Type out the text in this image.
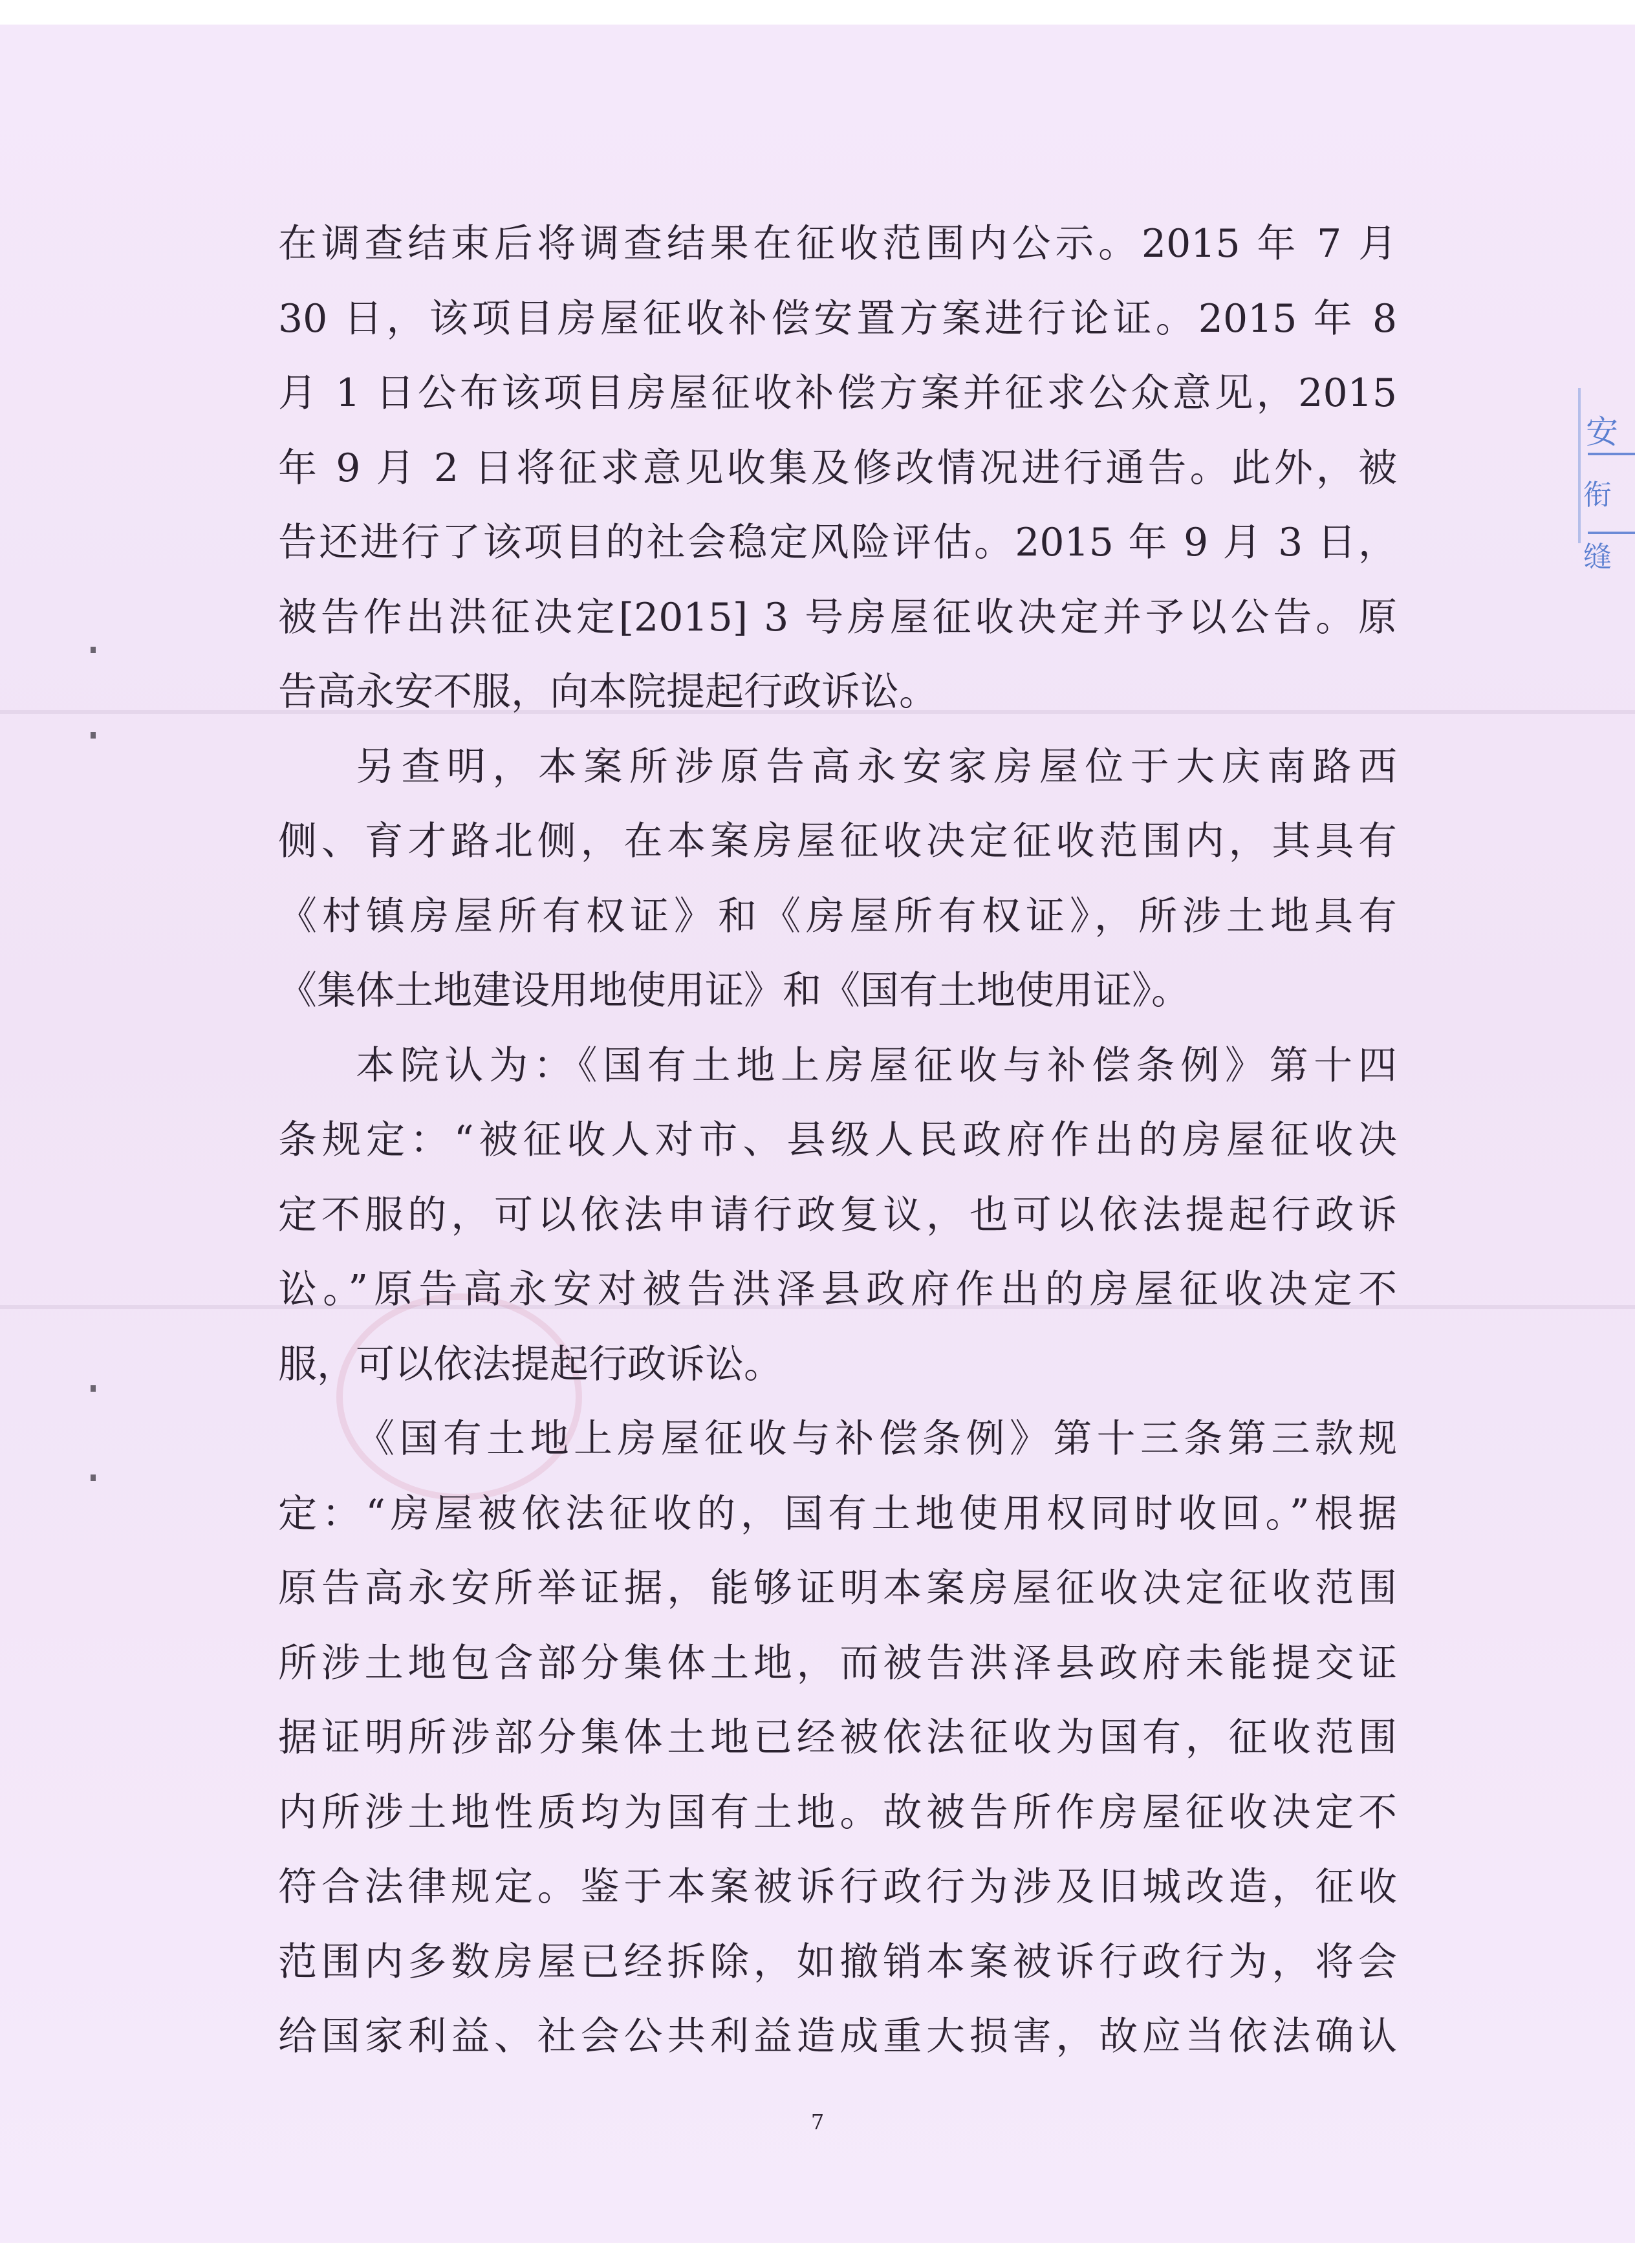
在调查结束后将调查结果在征收范围内公示。2015 年 7 月
30 日，该项目房屋征收补偿安置方案进行论证。2015 年 8
月 1 日公布该项目房屋征收补偿方案并征求公众意见，2015
年 9 月 2 日将征求意见收集及修改情况进行通告。此外，被
告还进行了该项目的社会稳定风险评估。2015 年 9 月 3 日，
被告作出洪征决定[2015] 3 号房屋征收决定并予以公告。原
告高永安不服，向本院提起行政诉讼。
另查明，本案所涉原告高永安家房屋位于大庆南路西
侧、育才路北侧，在本案房屋征收决定征收范围内，其具有
《村镇房屋所有权证》和《房屋所有权证》，所涉土地具有
《集体土地建设用地使用证》和《国有土地使用证》。
本院认为：《国有土地上房屋征收与补偿条例》第十四
条规定：“被征收人对市、县级人民政府作出的房屋征收决
定不服的，可以依法申请行政复议，也可以依法提起行政诉
讼。”原告高永安对被告洪泽县政府作出的房屋征收决定不
服，可以依法提起行政诉讼。
《国有土地上房屋征收与补偿条例》第十三条第三款规
定：“房屋被依法征收的，国有土地使用权同时收回。”根据
原告高永安所举证据，能够证明本案房屋征收决定征收范围
所涉土地包含部分集体土地，而被告洪泽县政府未能提交证
据证明所涉部分集体土地已经被依法征收为国有，征收范围
内所涉土地性质均为国有土地。故被告所作房屋征收决定不
符合法律规定。鉴于本案被诉行政行为涉及旧城改造，征收
范围内多数房屋已经拆除，如撤销本案被诉行政行为，将会
给国家利益、社会公共利益造成重大损害，故应当依法确认
安
衔缝
7
